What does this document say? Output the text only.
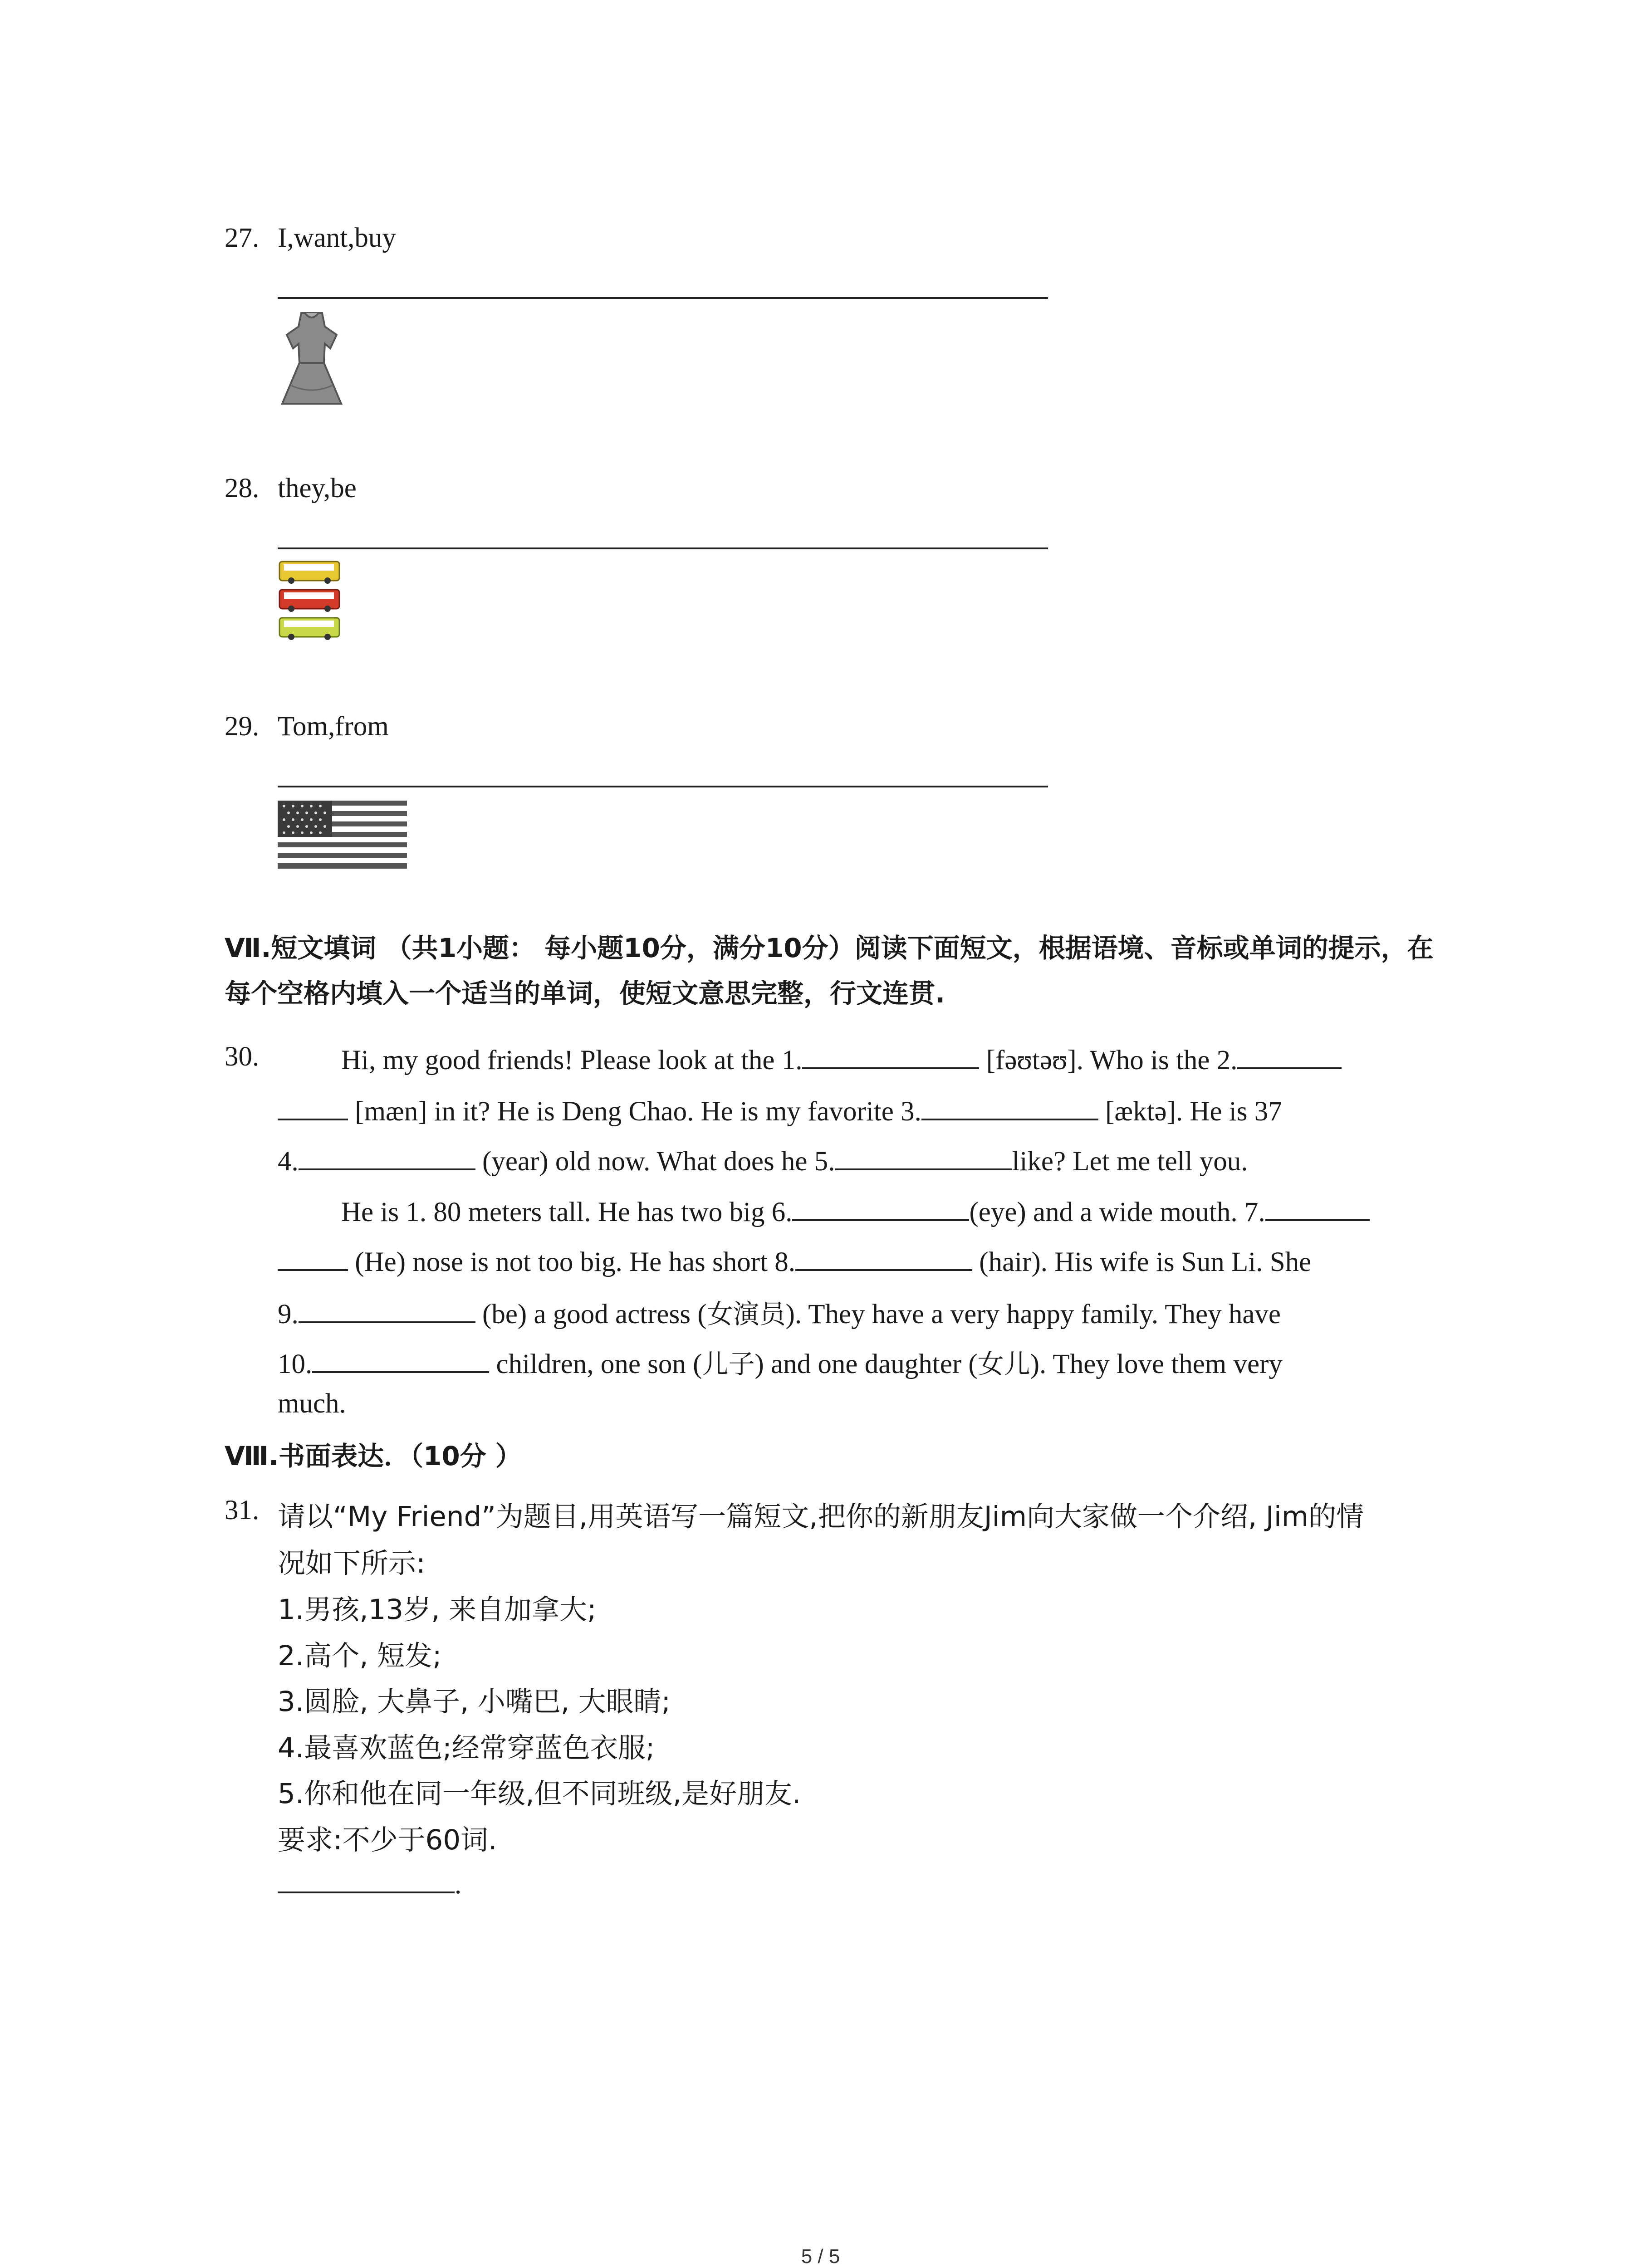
27. I,want,buy
28. they,be
29. Tom,from
Ⅶ.短文填词 （共1小题： 每小题10分，满分10分）阅读下面短文，根据语境、音标或单词的提示，在每个空格内填入一个适当的单词，使短文意思完整，行文连贯.
30.	Hi, my good friends! Please look at the 1.	[fəʊtəʊ]. Who is the 2.
[mæn] in it? He is Deng Chao. He is my favorite 3.	[æktə]. He is 37
4.	(year) old now. What does he 5.	like? Let me tell you.
He is 1. 80 meters tall. He has two big 6.	(eye) and a wide mouth. 7.
(He) nose is not too big. He has short 8.	(hair). His wife is Sun Li. She
9.	(be) a good actress (女演员). They have a very happy family. They have
10.	children, one son (儿子) and one daughter (女儿). They love them very
much.
Ⅷ.书面表达．（10分 ）
31. 请以“My Friend”为题目,用英语写一篇短文,把你的新朋友Jim向大家做一个介绍, Jim的情
况如下所示:
1.男孩,13岁, 来自加拿大;
2.高个, 短发;
3.圆脸, 大鼻子, 小嘴巴, 大眼睛;
4.最喜欢蓝色;经常穿蓝色衣服;
5.你和他在同一年级,但不同班级,是好朋友.
要求:不少于60词.
.
5 / 5
